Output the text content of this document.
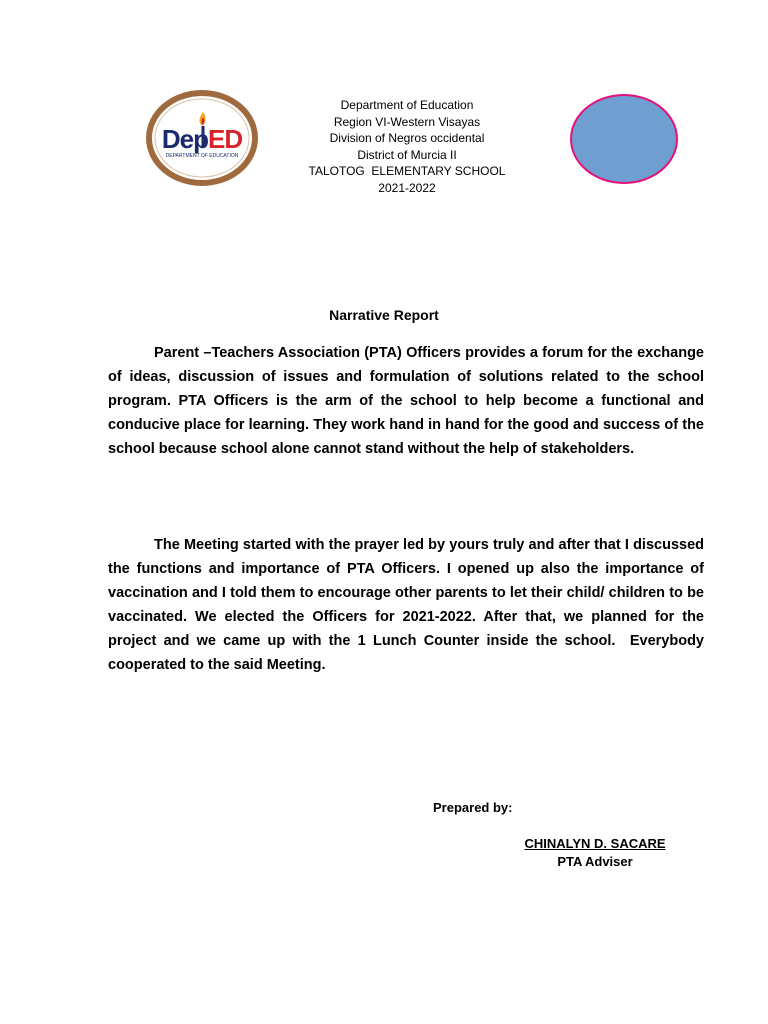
DepED
DEPARTMENT OF EDUCATION
Department of Education
Region VI-Western Visayas
Division of Negros occidental
District of Murcia II
TALOTOG  ELEMENTARY SCHOOL
2021-2022
Narrative Report

Parent –Teachers Association (PTA) Officers provides a forum for the exchange of ideas, discussion of issues and formulation of solutions related to the school program. PTA Officers is the arm of the school to help become a functional and conducive place for learning. They work hand in hand for the good and success of the school because school alone cannot stand without the help of stakeholders.

The Meeting started with the prayer led by yours truly and after that I discussed the functions and importance of PTA Officers. I opened up also the importance of vaccination and I told them to encourage other parents to let their child/ children to be vaccinated. We elected the Officers for 2021-2022. After that, we planned for the project and we came up with the 1 Lunch Counter inside the school.  Everybody cooperated to the said Meeting.

Prepared by:
CHINALYN D. SACARE
PTA Adviser
